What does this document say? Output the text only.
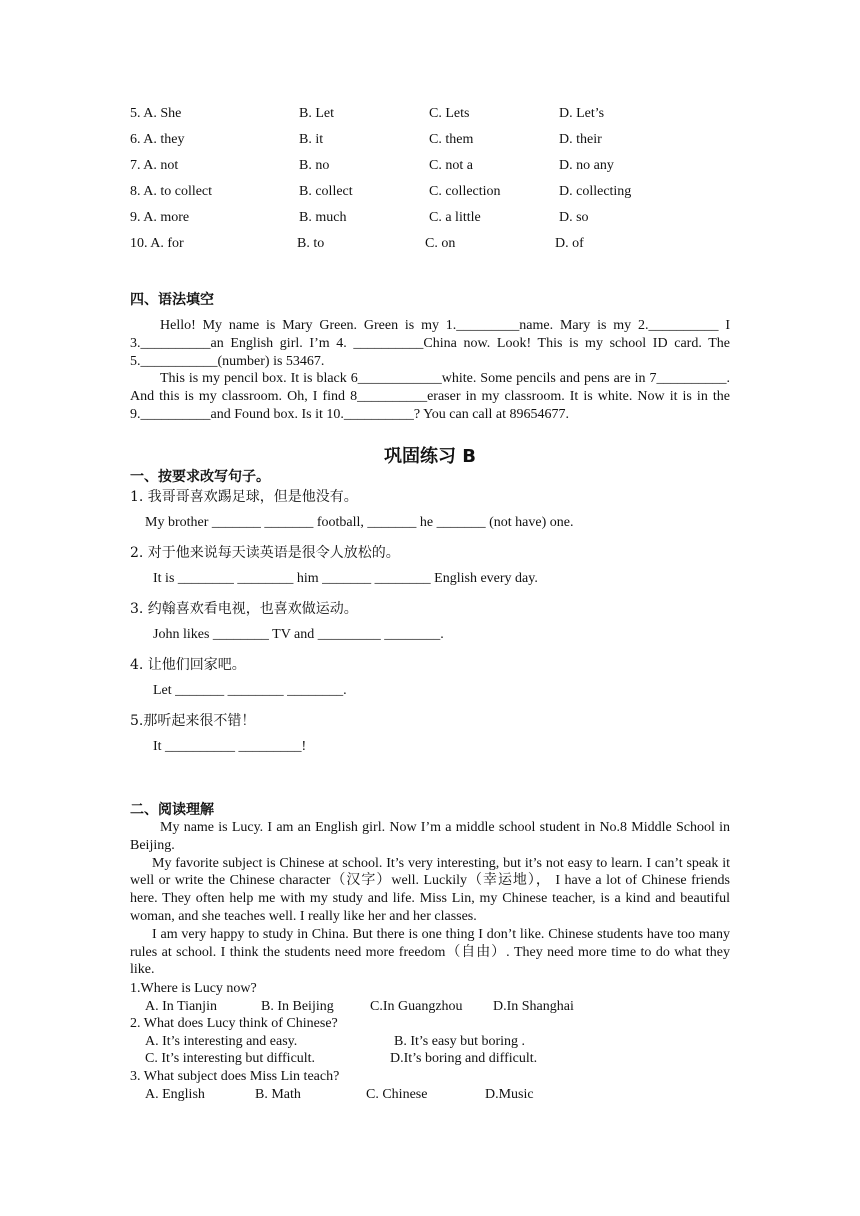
5. A. She	B. Let	C. Lets	D. Let’s
6. A. they	B. it	C. them	D. their
7. A. not	B. no	C. not a	D. no any
8. A. to collect	B. collect	C. collection	D. collecting
9. A. more	B. much	C. a little	D. so
10. A. for	B. to	C. on	D. of
四、语法填空
Hello! My name is Mary Green. Green is my 1._________name. Mary is my 2.__________ I 3.__________an English girl. I’m 4. __________China now. Look! This is my school ID card. The 5.___________(number) is 53467.
This is my pencil box. It is black 6____________white. Some pencils and pens are in 7__________. And this is my classroom. Oh, I find 8__________eraser in my classroom. It is white. Now it is in the 9.__________and Found box. Is it 10.__________? You can call at 89654677.
巩固练习 B
一、按要求改写句子。
1. 我哥哥喜欢踢足球，但是他没有。
My brother _______ _______ football, _______ he _______ (not have) one.
2. 对于他来说每天读英语是很令人放松的。
It is ________ ________ him _______ ________ English every day.
3. 约翰喜欢看电视，也喜欢做运动。
John likes ________ TV and _________ ________.
4. 让他们回家吧。
Let _______ ________ ________.
5.那听起来很不错！
It __________ _________!
二、阅读理解
My name is Lucy. I am an English girl. Now I’m a middle school student in No.8 Middle School in Beijing.
My favorite subject is Chinese at school. It’s very interesting, but it’s not easy to learn. I can’t speak it well or write the Chinese character（汉字）well. Luckily（幸运地）， I have a lot of Chinese friends here. They often help me with my study and life. Miss Lin, my Chinese teacher, is a kind and beautiful woman, and she teaches well. I really like her and her classes.
I am very happy to study in China. But there is one thing I don’t like. Chinese students have too many rules at school. I think the students need more freedom（自由）. They need more time to do what they like.
1.Where is Lucy now?
A. In Tianjin	B. In Beijing	C.In Guangzhou D.In Shanghai
2. What does Lucy think of Chinese?
A. It’s interesting and easy.	B. It’s easy but boring .
C. It’s interesting but difficult.	D.It’s boring and difficult.
3. What subject does Miss Lin teach?
A. English	B. Math	C. Chinese	D.Music
